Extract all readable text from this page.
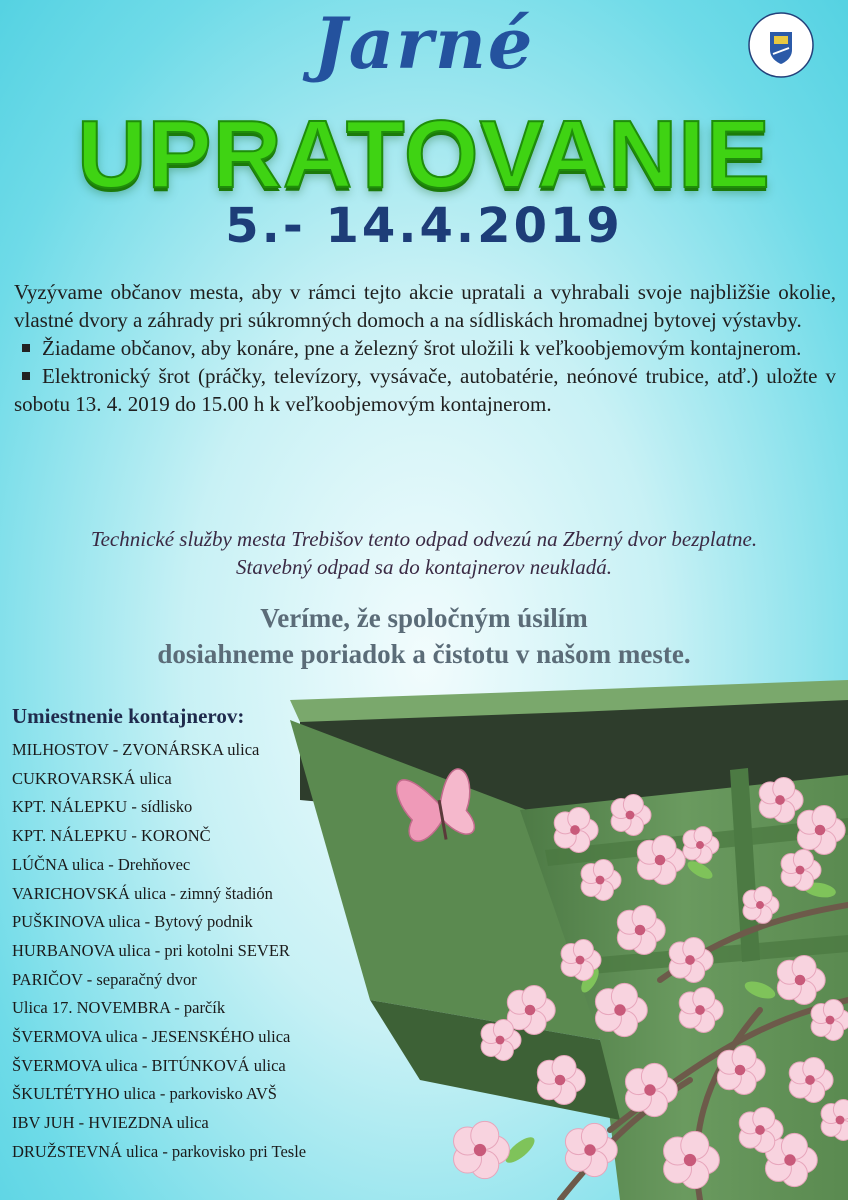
Jarné
UPRATOVANIE
5.- 14.4.2019

Vyzývame občanov mesta, aby v rámci tejto akcie upratali a vyhrabali svoje najbližšie okolie, vlastné dvory a záhrady pri súkromných domoch a na sídliskách hromadnej bytovej výstavby.

Žiadame občanov, aby konáre, pne a železný šrot uložili k veľkoobjemovým kontajnerom.

Elektronický šrot (práčky, televízory, vysávače, autobatérie, neónové trubice, atď.) uložte v sobotu 13. 4. 2019 do 15.00 h k veľkoobjemovým kontajnerom.

Technické služby mesta Trebišov tento odpad odvezú na Zberný dvor bezplatne.
Stavebný odpad sa do kontajnerov neukladá.
Veríme, že spoločným úsilím
dosiahneme poriadok a čistotu v našom meste.
Umiestnenie kontajnerov:
MILHOSTOV - ZVONÁRSKA ulica
CUKROVARSKÁ ulica
KPT. NÁLEPKU - sídlisko
KPT. NÁLEPKU - KORONČ
LÚČNA ulica - Drehňovec
VARICHOVSKÁ ulica - zimný štadión
PUŠKINOVA ulica - Bytový podnik
HURBANOVA ulica - pri kotolni SEVER
PARIČOV - separačný dvor
Ulica 17. NOVEMBRA - parčík
ŠVERMOVA ulica - JESENSKÉHO ulica
ŠVERMOVA ulica - BITÚNKOVÁ ulica
ŠKULTÉTYHO ulica - parkovisko AVŠ
IBV JUH - HVIEZDNA ulica
DRUŽSTEVNÁ ulica - parkovisko pri Tesle
